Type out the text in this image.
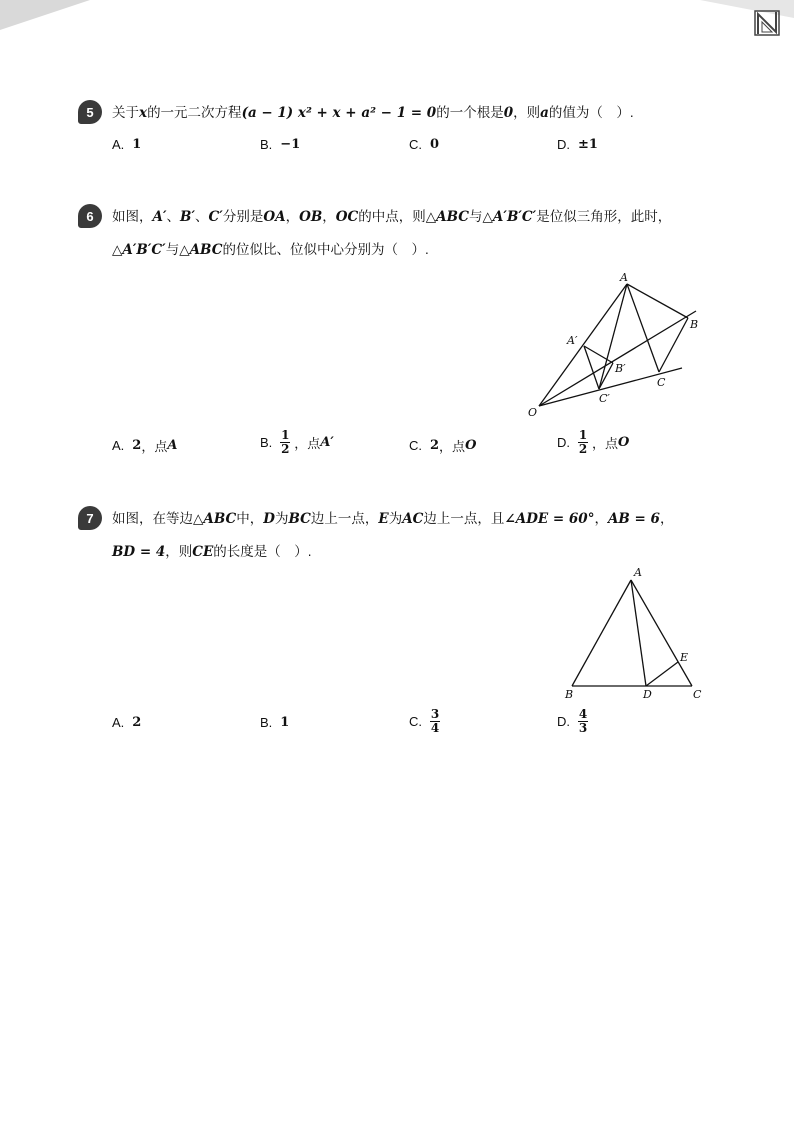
5	关于x的一元二次方程(a − 1) x² + x + a² − 1 = 0的一个根是0，则a的值为（　）.
A. 1	B. −1	C. 0	D. ±1
6	如图，A′、B′、C′分别是OA，OB，OC的中点，则△ABC与△A′B′C′是位似三角形，此时，
△A′B′C′与△ABC的位似比、位似中心分别为（　）.
A
B
C
A′
B′
C′
O
A. 2 ，点 A	B. $\frac{1}{2}$ ，点 A′	C. 2 ，点 O	D. $\frac{1}{2}$ ，点 O
7	如图，在等边△ABC中，D为BC边上一点，E为AC边上一点，且∠ADE = 60°，AB = 6，
BD = 4，则CE的长度是（　）.
A
B	C
D
E
A. 2	B. 1	C. $\frac{3}{4}$	D. $\frac{4}{3}$
